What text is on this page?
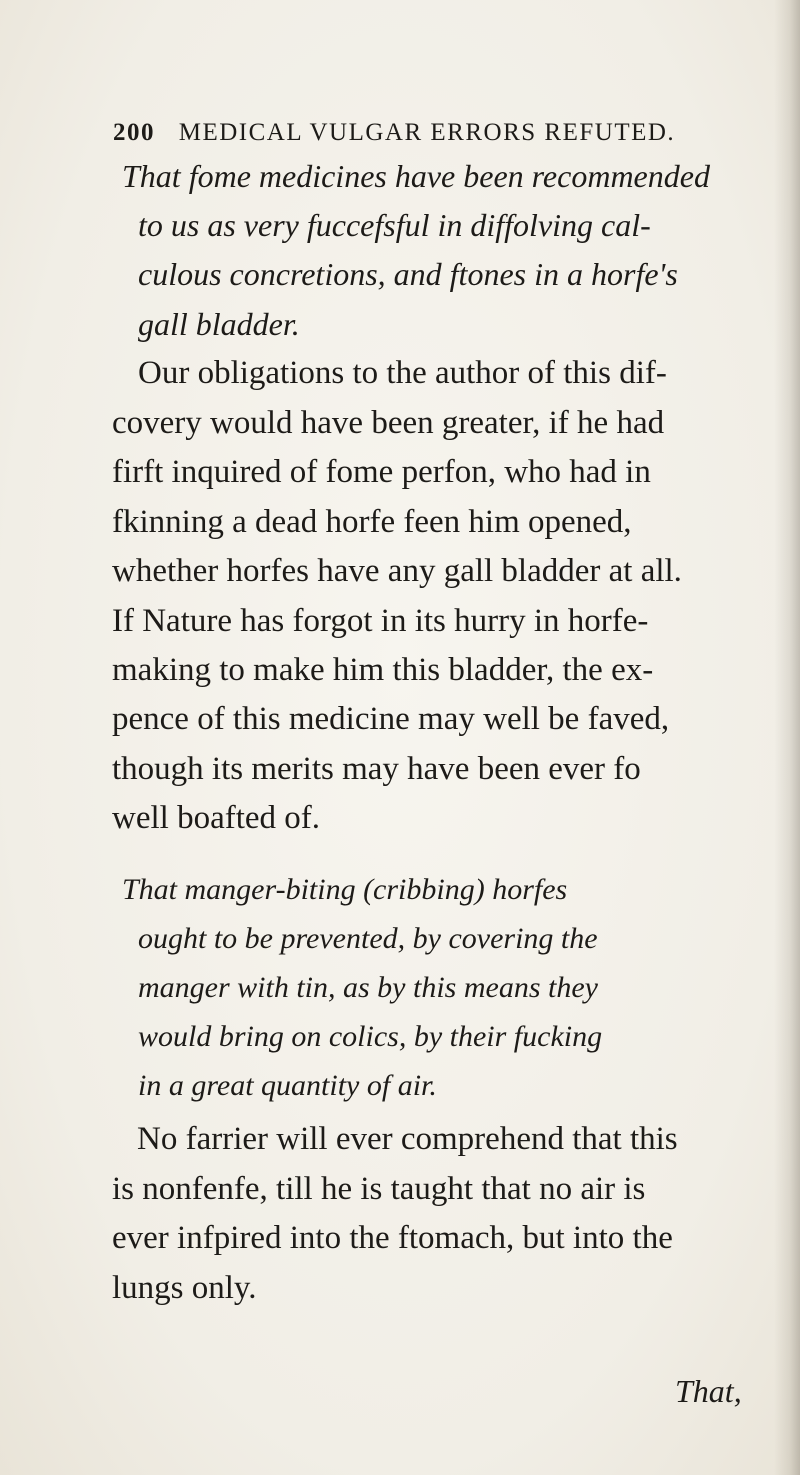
200 MEDICAL VULGAR ERRORS REFUTED.
That fome medicines have been recommended
to us as very fuccefsful in diffolving cal-
culous concretions, and ftones in a horfe's
gall bladder.
Our obligations to the author of this dif-
covery would have been greater, if he had
firft inquired of fome perfon, who had in
fkinning a dead horfe feen him opened,
whether horfes have any gall bladder at all.
If Nature has forgot in its hurry in horfe-
making to make him this bladder, the ex-
pence of this medicine may well be faved,
though its merits may have been ever fo
well boafted of.
That manger-biting (cribbing) horfes
ought to be prevented, by covering the
manger with tin, as by this means they
would bring on colics, by their fucking
in a great quantity of air.
No farrier will ever comprehend that this
is nonfenfe, till he is taught that no air is
ever infpired into the ftomach, but into the
lungs only.
That,
